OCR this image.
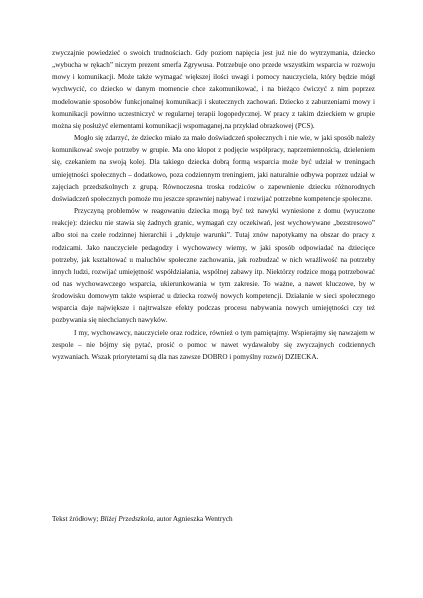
zwyczajnie powiedzieć o swoich trudnościach. Gdy poziom napięcia jest już nie do wytrzymania, dziecko „wybucha w rękach” niczym prezent smerfa Zgrywusa. Potrzebuje ono przede wszystkim wsparcia w rozwoju mowy i komunikacji. Może także wymagać większej ilości uwagi i pomocy nauczyciela, który będzie mógł wychwycić, co dziecko w danym momencie chce zakomunikować, i na bieżąco ćwiczyć z nim poprzez modelowanie sposobów funkcjonalnej komunikacji i skutecznych zachowań. Dziecko z zaburzeniami mowy i komunikacji powinno uczestniczyć w regularnej terapii logopedycznej. W pracy z takim dzieckiem w grupie można się posłużyć elementami komunikacji wspomaganej,na przykład obrazkowej (PCS).

Mogło się zdarzyć, że dziecko miało za mało doświadczeń społecznych i nie wie, w jaki sposób należy komunikować swoje potrzeby w grupie. Ma ono kłopot z podjęcie współpracy, naprzemiennością, dzieleniem się, czekaniem na swoją kolej. Dla takiego dziecka dobrą formą wsparcia może być udział w treningach umiejętności społecznych – dodatkowo, poza codziennym treningiem, jaki naturalnie odbywa poprzez udział w zajęciach przedszkolnych z grupą. Równoczesna troska rodziców o zapewnienie dziecku różnorodnych doświadczeń społecznych pomoże mu jeszcze sprawniej nabywać i rozwijać potrzebne kompetencje społeczne.

Przyczyną problemów w reagowaniu dziecka mogą być też nawyki wyniesione z domu (wyuczone reakcje): dziecku nie stawia się żadnych granic, wymagań czy oczekiwań, jest wychowywane „bezstresowo” albo stoi na czele rodzinnej hierarchii i „dyktuje warunki”. Tutaj znów napotykamy na obszar do pracy z rodzicami. Jako nauczyciele pedagodzy i wychowawcy wiemy, w jaki sposób odpowiadać na dziecięce potrzeby, jak kształtować u maluchów społeczne zachowania, jak rozbudzać w nich wrażliwość na potrzeby innych ludzi, rozwijać umiejętność współdziałania, wspólnej zabawy itp. Niektórzy rodzice mogą potrzebować od nas wychowawczego wsparcia, ukierunkowania w tym zakresie. To ważne, a nawet kluczowe, by w środowisku domowym także wspierać u dziecka rozwój nowych kompetencji. Działanie w sieci społecznego wsparcia daje największe i najtrwalsze efekty podczas procesu nabywania nowych umiejętności czy też pozbywania się niechcianych nawyków.

I my, wychowawcy, nauczyciele oraz rodzice, również o tym pamiętajmy. Wspierajmy się nawzajem w zespole – nie bójmy się pytać, prosić o pomoc w nawet wydawałoby się zwyczajnych codziennych wyzwaniach. Wszak priorytetami są dla nas zawsze DOBRO i pomyślny rozwój DZIECKA.

Tekst źródłowy; Bliżej Przedszkola, autor Agnieszka Wentrych
